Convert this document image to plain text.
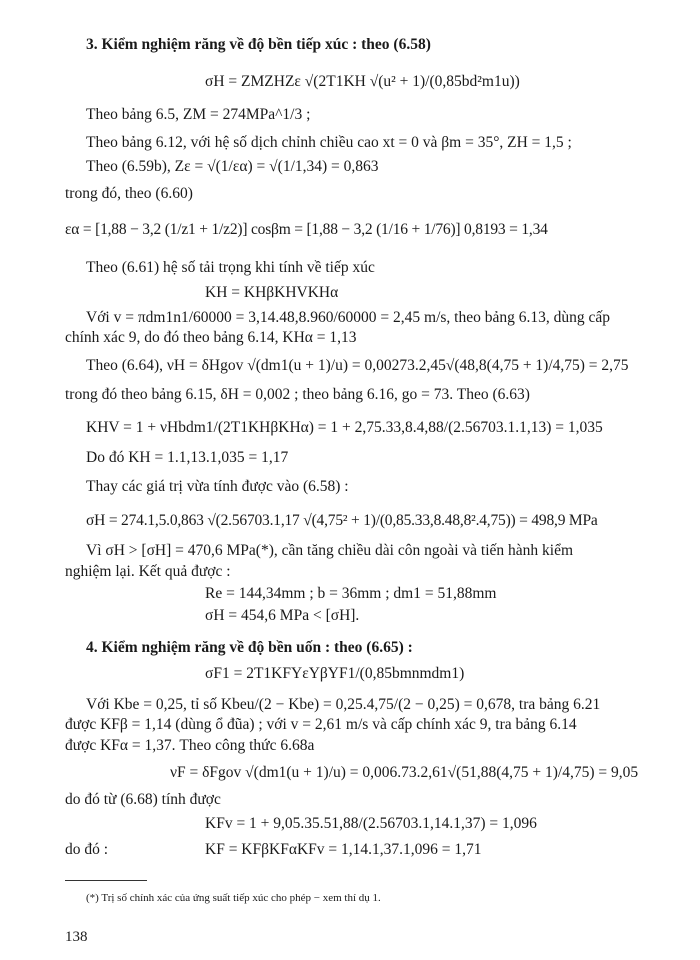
3. Kiểm nghiệm răng về độ bền tiếp xúc : theo (6.58)
σH = ZMZHZε √(2T1KH √(u² + 1)/(0,85bd²m1u))
Theo bảng 6.5, ZM = 274MPa^1/3 ;
Theo bảng 6.12, với hệ số dịch chỉnh chiều cao xt = 0 và βm = 35°, ZH = 1,5 ;
Theo (6.59b), Zε = √(1/εα) = √(1/1,34) = 0,863
trong đó, theo (6.60)
εα = [1,88 − 3,2 (1/z1 + 1/z2)] cosβm = [1,88 − 3,2 (1/16 + 1/76)] 0,8193 = 1,34
Theo (6.61) hệ số tải trọng khi tính về tiếp xúc
KH = KHβKHVKHα
Với v = πdm1n1/60000 = 3,14.48,8.960/60000 = 2,45 m/s, theo bảng 6.13, dùng cấp
chính xác 9, do đó theo bảng 6.14, KHα = 1,13
Theo (6.64), νH = δHgov √(dm1(u + 1)/u) = 0,00273.2,45√(48,8(4,75 + 1)/4,75) = 2,75
trong đó theo bảng 6.15, δH = 0,002 ; theo bảng 6.16, go = 73. Theo (6.63)
KHV = 1 + νHbdm1/(2T1KHβKHα) = 1 + 2,75.33,8.4,88/(2.56703.1.1,13) = 1,035
Do đó KH = 1.1,13.1,035 = 1,17
Thay các giá trị vừa tính được vào (6.58) :
σH = 274.1,5.0,863 √(2.56703.1,17 √(4,75² + 1)/(0,85.33,8.48,8².4,75)) = 498,9 MPa
Vì σH > [σH] = 470,6 MPa(*), cần tăng chiều dài côn ngoài và tiến hành kiểm
nghiệm lại. Kết quả được :
Re = 144,34mm ; b = 36mm ; dm1 = 51,88mm
σH = 454,6 MPa < [σH].
4. Kiểm nghiệm răng về độ bền uốn : theo (6.65) :
σF1 = 2T1KFYεYβYF1/(0,85bmnmdm1)
Với Kbe = 0,25, tỉ số Kbeu/(2 − Kbe) = 0,25.4,75/(2 − 0,25) = 0,678, tra bảng 6.21
được KFβ = 1,14 (dùng ổ đũa) ; với v = 2,61 m/s và cấp chính xác 9, tra bảng 6.14
được KFα = 1,37. Theo công thức 6.68a
νF = δFgov √(dm1(u + 1)/u) = 0,006.73.2,61√(51,88(4,75 + 1)/4,75) = 9,05
do đó từ (6.68) tính được
KFv = 1 + 9,05.35.51,88/(2.56703.1,14.1,37) = 1,096
do đó :	KF = KFβKFαKFv = 1,14.1,37.1,096 = 1,71
(*) Trị số chính xác của ứng suất tiếp xúc cho phép − xem thí dụ 1.
138
